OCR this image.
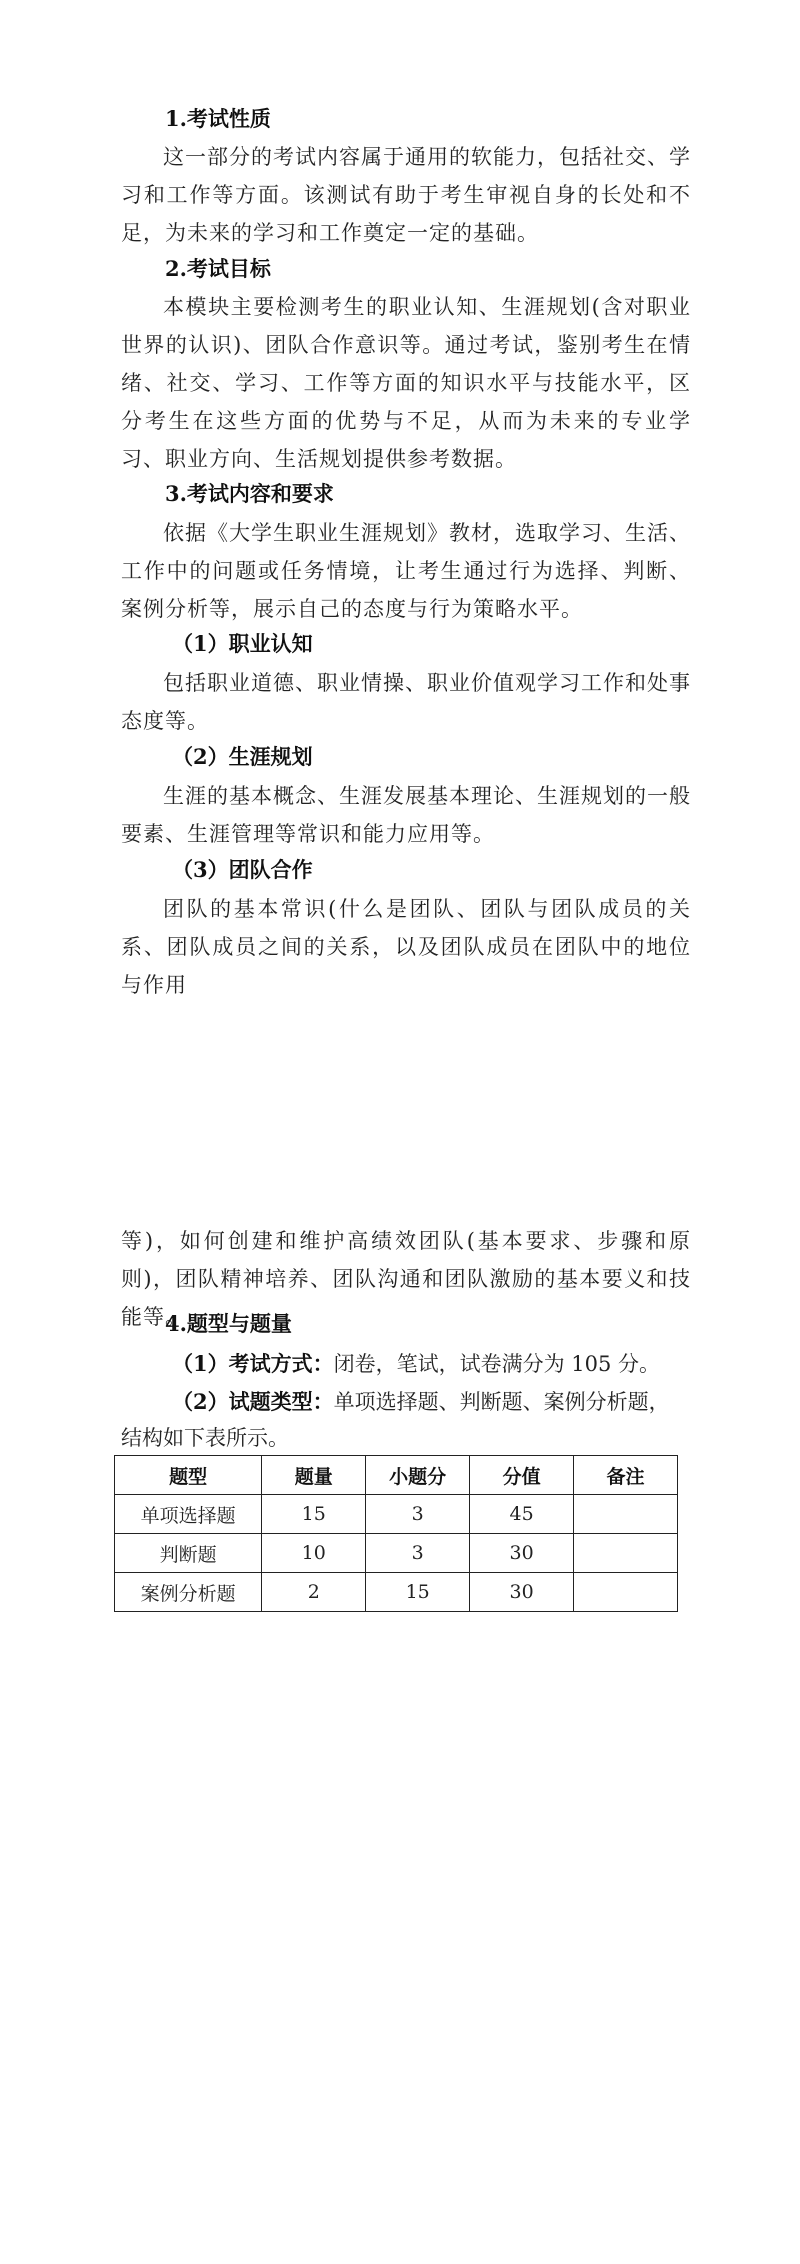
1.考试性质
这一部分的考试内容属于通用的软能力，包括社交、学习和工作等方面。该测试有助于考生审视自身的长处和不足，为未来的学习和工作奠定一定的基础。
2.考试目标
本模块主要检测考生的职业认知、生涯规划(含对职业世界的认识)、团队合作意识等。通过考试，鉴别考生在情绪、社交、学习、工作等方面的知识水平与技能水平，区分考生在这些方面的优势与不足，从而为未来的专业学习、职业方向、生活规划提供参考数据。
3.考试内容和要求
依据《大学生职业生涯规划》教材，选取学习、生活、工作中的问题或任务情境，让考生通过行为选择、判断、案例分析等，展示自己的态度与行为策略水平。
（1）职业认知
包括职业道德、职业情操、职业价值观学习工作和处事态度等。
（2）生涯规划
生涯的基本概念、生涯发展基本理论、生涯规划的一般要素、生涯管理等常识和能力应用等。
（3）团队合作
团队的基本常识(什么是团队、团队与团队成员的关系、团队成员之间的关系，以及团队成员在团队中的地位与作用
等)，如何创建和维护高绩效团队(基本要求、步骤和原则)，团队精神培养、团队沟通和团队激励的基本要义和技能等。
4.题型与题量
（1）考试方式：闭卷，笔试，试卷满分为 105 分。
（2）试题类型：单项选择题、判断题、案例分析题，
结构如下表所示。
题型	题量	小题分	分值	备注
单项选择题	15	3	45	
判断题	10	3	30	
案例分析题	2	15	30	
